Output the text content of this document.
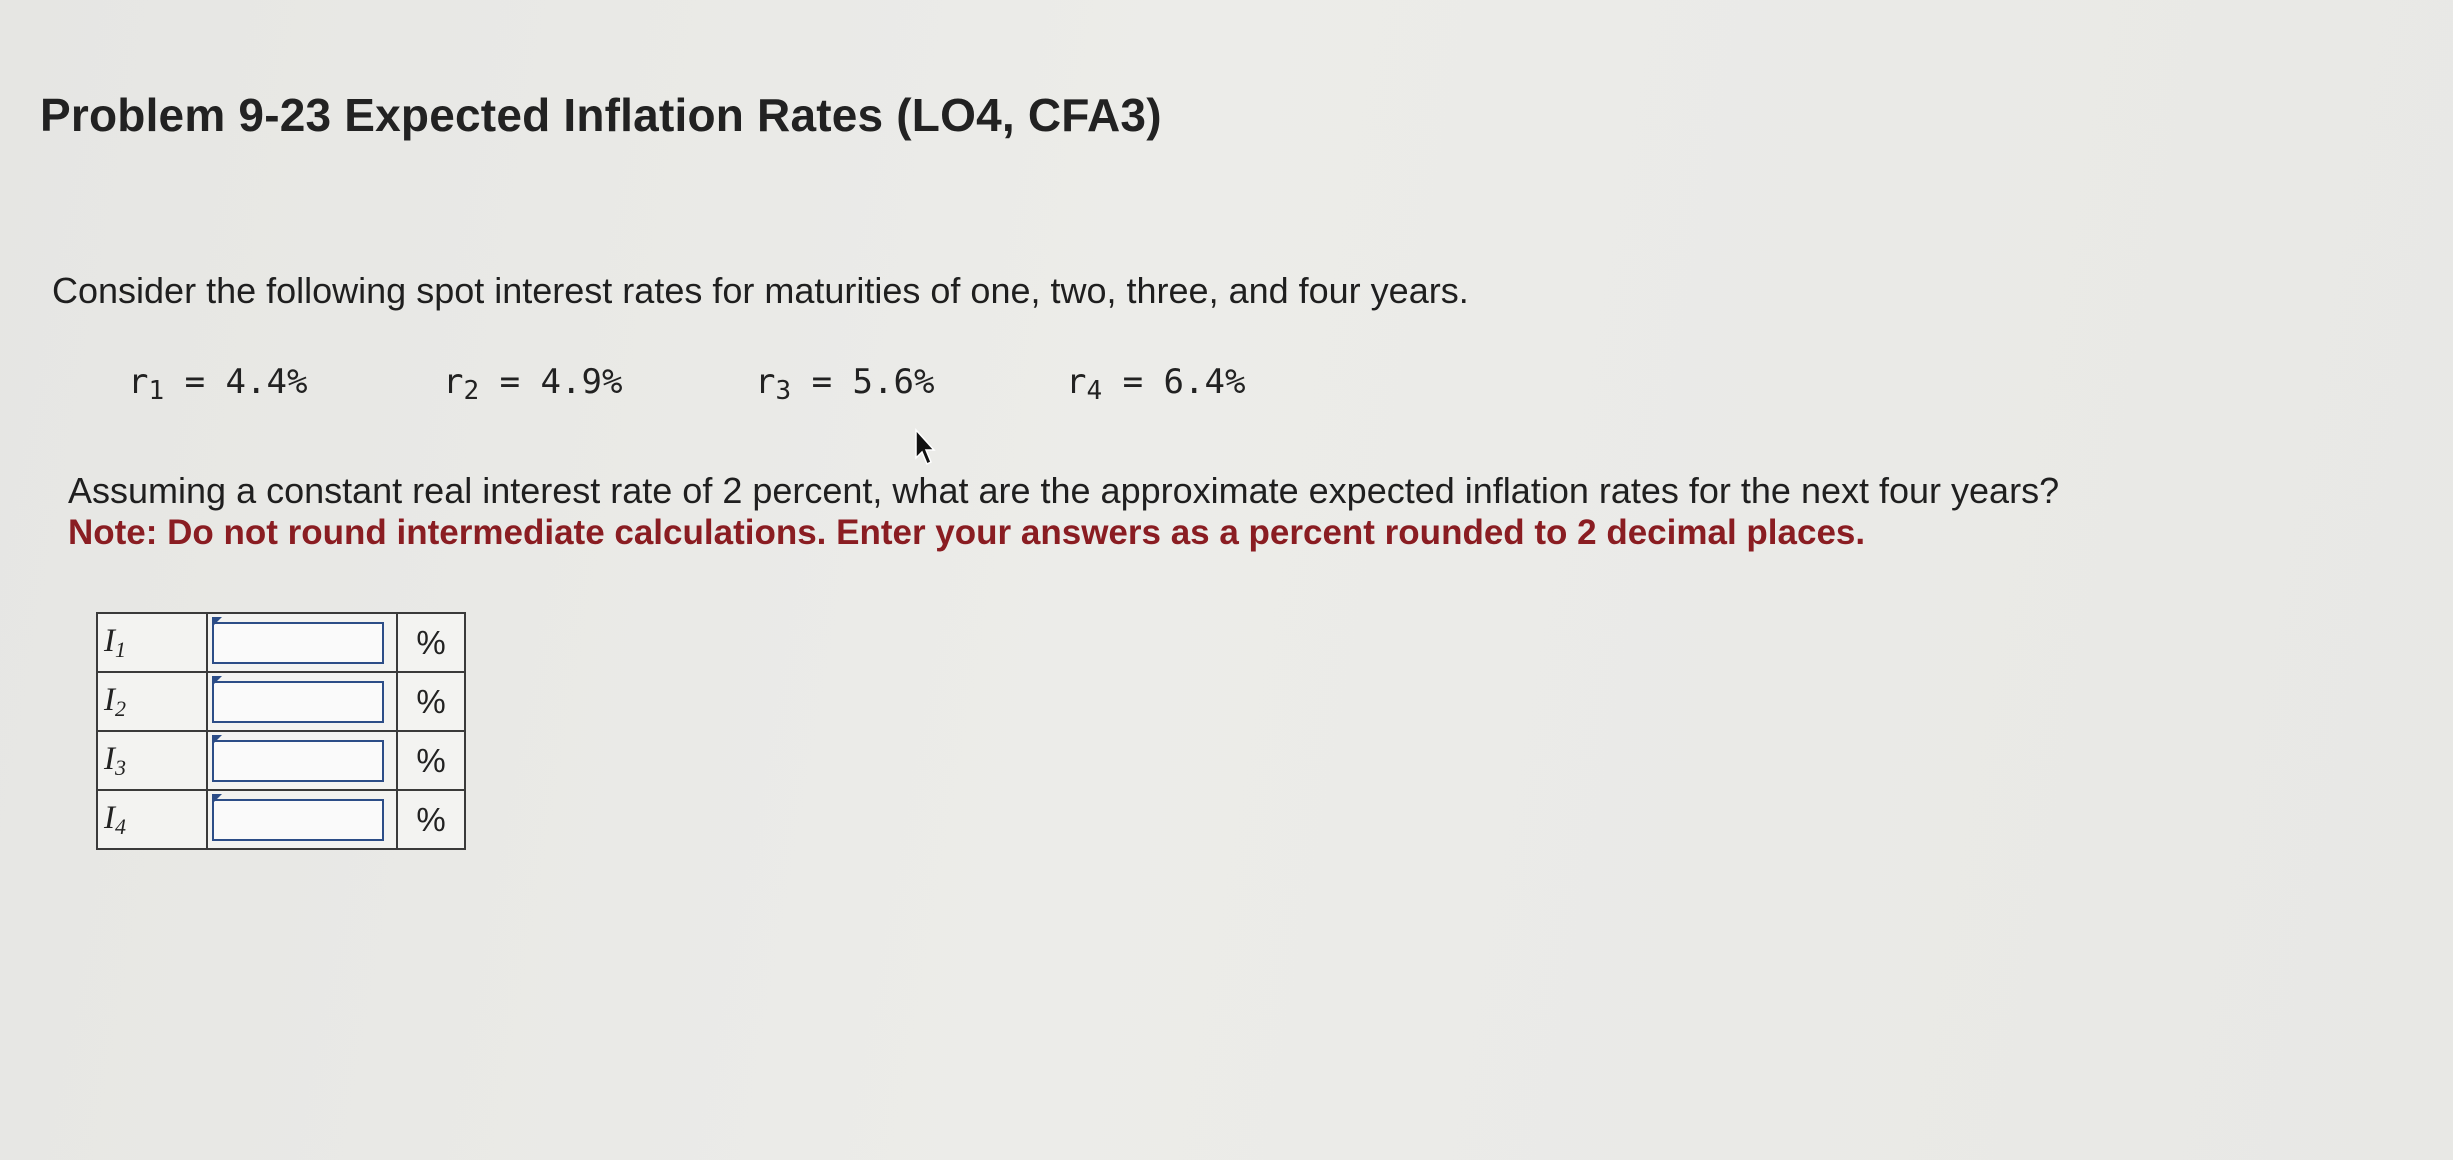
Problem 9-23 Expected Inflation Rates (LO4, CFA3)

Consider the following spot interest rates for maturities of one, two, three, and four years.

$r_1 = 4.4\%$	$r_2 = 4.9\%$	$r_3 = 5.6\%$	$r_4 = 6.4\%$

Assuming a constant real interest rate of 2 percent, what are the approximate expected inflation rates for the next four years?

Note: Do not round intermediate calculations. Enter your answers as a percent rounded to 2 decimal places.

$I_1$		%
$I_2$		%
$I_3$		%
$I_4$		%
